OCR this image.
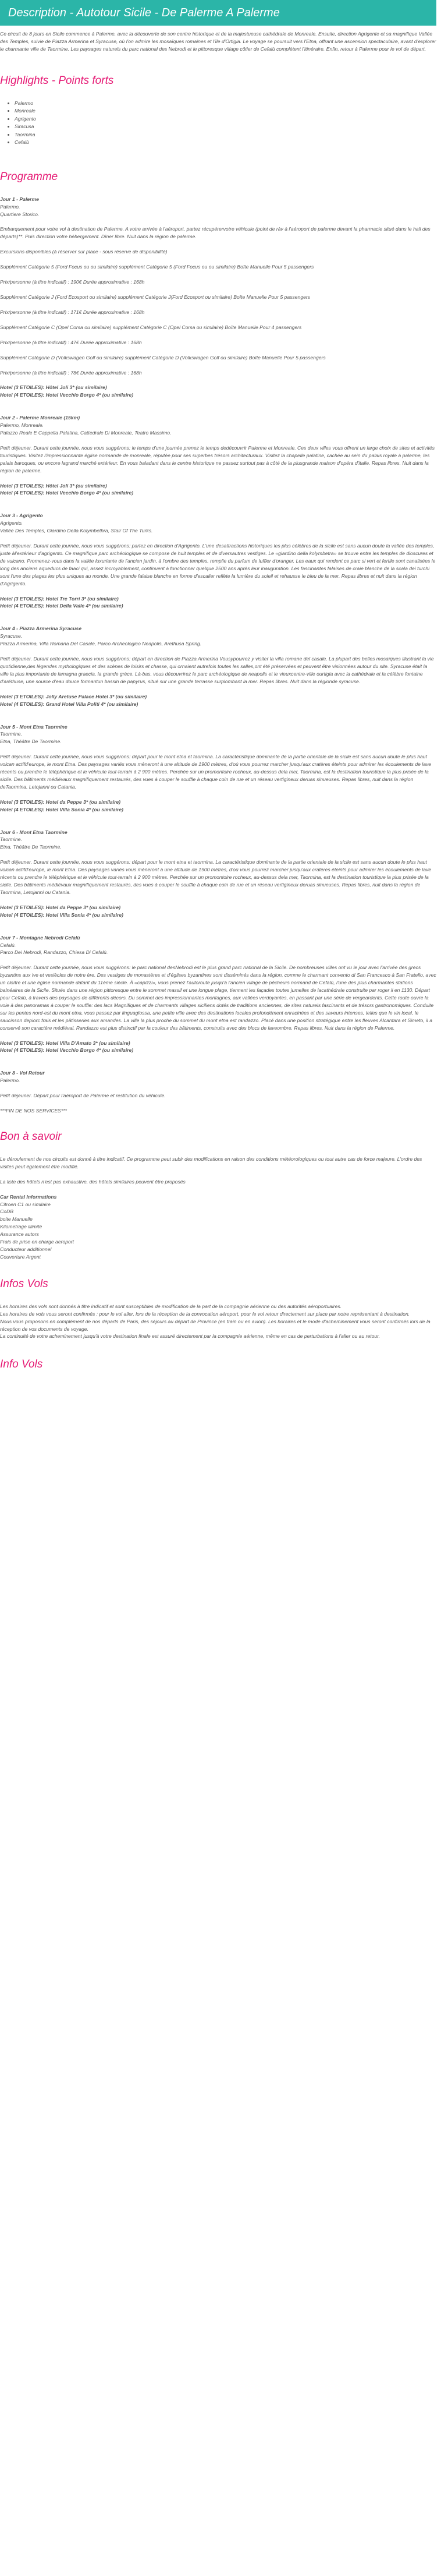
Description - Autotour Sicile - De Palerme A Palerme

Ce circuit de 8 jours en Sicile commence à Palerme, avec la découverte de son centre historique et de la majestueuse cathédrale de Monreale. Ensuite, direction Agrigente et sa magnifique Vallée des Temples, suivie de Piazza Armerina et Syracuse, où l'on admire les mosaïques romaines et l'île d'Ortigia. Le voyage se poursuit vers l'Etna, offrant une ascension spectaculaire, avant d'explorer le charmante ville de Taormine. Les paysages naturels du parc national des Nebrodi et le pittoresque village côtier de Cefalù complètent l'itinéraire. Enfin, retour à Palerme pour le vol de départ.

Highlights - Points forts
• Palermo
• Monreale
• Agrigento
• Siracusa
• Taormina
• Cefalù
Programme

Jour 1 - Palerme

Palermo.

Quartiere Storico.

Embarquement pour votre vol à destination de Palerme. A votre arrivée à l'aéroport, partez récupérervotre véhicule (point de ràv à l'aéroport de palerme devant la pharmacie situé dans le hall des départs)**. Puis direction votre hébergement. Dîner libre. Nuit dans la région de palerme.

Excursions disponibles (à réserver sur place - sous réserve de disponibilité)

Supplément Catégorie 5 (Ford Focus ou ou similaire) supplément Catégorie 5 (Ford Focus ou ou similaire) Boîte Manuelle Pour 5 passengers

Prix/personne (à titre indicatif) : 190€ Durée approximative : 168h

Supplément Catégorie J (Ford Ecosport ou similaire) supplément Catégorie J(Ford Ecosport ou similaire) Boîte Manuelle Pour 5 passengers

Prix/personne (à titre indicatif) : 171€ Durée approximative : 168h

Supplément Catégorie C (Opel Corsa ou similaire) supplément Catégorie C (Opel Corsa ou similaire) Boîte Manuelle Pour 4 passengers

Prix/personne (à titre indicatif) : 47€ Durée approximative : 168h

Supplément Catégorie D (Volkswagen Golf ou similaire) supplément Catégorie D (Volkswagen Golf ou similaire) Boîte Manuelle Pour 5 passengers

Prix/personne (à titre indicatif) : 78€ Durée approximative : 168h

Hotel (3 ETOILES): Hôtel Joli 3* (ou similaire)

Hotel (4 ETOILES): Hotel Vecchio Borgo 4* (ou similaire)

Jour 2 - Palerme Monreale (15km)

Palermo, Monreale.

Palazzo Reale E Cappella Palatina, Cattedrale Di Monreale, Teatro Massimo.

Petit déjeuner. Durant cette journée, nous vous suggérons: le temps d'une journée prenez le temps dedécouvrir Palerme et Monreale. Ces deux villes vous offrent un large choix de sites et activités touristiques. Visitez l'impressionnante église normande de monreale, réputée pour ses superbes trésors architecturaux. Visitez la chapelle palatine, cachée au sein du palais royale à palerme, les palais baroques, ou encore lagrand marché extérieur. En vous baladant dans le centre historique ne passez surtout pas à côté de la plusgrande maison d'opéra d'italie. Repas libres. Nuit dans la région de palerme.

Hotel (3 ETOILES): Hôtel Joli 3* (ou similaire)

Hotel (4 ETOILES): Hotel Vecchio Borgo 4* (ou similaire)

Jour 3 - Agrigento

Agrigento.

Vallée Des Temples, Giardino Della Kolymbethra, Stair Of The Turks.

Petit déjeuner. Durant cette journée, nous vous suggérons: partez en direction d'Agrigento. L'une desattractions historiques les plus célèbres de la sicile est sans aucun doute la vallée des temples, juste àl'extérieur d'agrigento. Ce magnifique parc archéologique se compose de huit temples et de diversautres vestiges. Le «giardino della kolymbetra» se trouve entre les temples de dioscures et de vulcano. Promenez-vous dans la vallée luxuriante de l'ancien jardin, à l'ombre des temples, remplie du parfum de luffier d'oranger. Les eaux qui rendent ce parc si vert et fertile sont canalisées le long des anciens aqueducs de faaci qui, assez incroyablement, continuent à fonctionner quelque 2500 ans après leur inauguration. Les fascinantes falaises de craie blanche de la scala dei turchi sont l'une des plages les plus uniques au monde. Une grande falaise blanche en forme d'escalier reflète la lumière du soleil et rehausse le bleu de la mer. Repas libres et nuit dans la région d'Agrigento.

Hotel (3 ETOILES): Hotel Tre Torri 3* (ou similaire)

Hotel (4 ETOILES): Hotel Della Valle 4* (ou similaire)

Jour 4 - Piazza Armerina Syracuse

Syracuse.

Piazza Armerina, Villa Romana Del Casale, Parco Archeologico Neapolis, Arethusa Spring.

Petit déjeuner. Durant cette journée, nous vous suggérons: départ en direction de Piazza Armerina Vousypourrez y visiter la villa romane del casale. La plupart des belles mosaïques illustrant la vie quotidienne,des légendes mythologiques et des scènes de loisirs et chasse, qui ornaient autrefois toutes les salles,ont été préservées et peuvent être visionnées autour du site. Syracuse était la ville la plus importante de lamagna graecia, la grande grèce. Là-bas, vous découvrirez le parc archéologique de neapolis et le vieuxcentre-ville ourtigia avec la cathédrale et la célèbre fontaine d'aréthuse, une source d'eau douce formantun bassin de papyrus, situé sur une grande terrasse surplombant la mer. Repas libres. Nuit dans la régionde syracuse.

Hotel (3 ETOILES): Jolly Aretuse Palace Hotel 3* (ou similaire)

Hotel (4 ETOILES): Grand Hotel Villa Politi 4* (ou similaire)

Jour 5 - Mont Etna Taormine

Taormine.

Etna, Théâtre De Taormine.

Petit déjeuner. Durant cette journée, nous vous suggérons: départ pour le mont etna et taormina. La caractéristique dominante de la partie orientale de la sicile est sans aucun doute le plus haut volcan actifd'europe, le mont Etna. Des paysages variés vous mèneront à une altitude de 1900 mètres, d'où vous pourrez marcher jusqu'aux cratères éteints pour admirer les écoulements de lave récents ou prendre le téléphérique et le véhicule tout-terrain à 2 900 mètres. Perchée sur un promontoire rocheux, au-dessus dela mer, Taormina, est la destination touristique la plus prisée de la sicile. Des bâtiments médiévaux magnifiquement restaurés, des vues à couper le souffle à chaque coin de rue et un réseau vertigineux deruas sinueuses. Repas libres, nuit dans la région deTaormina, Letojanni ou Catania.

Hotel (3 ETOILES): Hotel da Peppe 3* (ou similaire)

Hotel (4 ETOILES): Hotel Villa Sonia 4* (ou similaire)

Jour 6 - Mont Etna Taormine

Taormine.

Etna, Théâtre De Taormine.

Petit déjeuner. Durant cette journée, nous vous suggérons: départ pour le mont etna et taormina. La caractéristique dominante de la partie orientale de la sicile est sans aucun doute le plus haut volcan actifd'europe, le mont Etna. Des paysages variés vous mèneront à une altitude de 1900 mètres, d'où vous pourrez marcher jusqu'aux cratères éteints pour admirer les écoulements de lave récents ou prendre le téléphérique et le véhicule tout-terrain à 2 900 mètres. Perchée sur un promontoire rocheux, au-dessus dela mer, Taormina, est la destination touristique la plus prisée de la sicile. Des bâtiments médiévaux magnifiquement restaurés, des vues à couper le souffle à chaque coin de rue et un réseau vertigineux deruas sinueuses. Repas libres, nuit dans la région de Taormina, Letojanni ou Catania.

Hotel (3 ETOILES): Hotel da Peppe 3* (ou similaire)

Hotel (4 ETOILES): Hotel Villa Sonia 4* (ou similaire)

Jour 7 - Montagne Nebrodi Cefalù

Cefalù.

Parco Dei Nebrodi, Randazzo, Chiesa Di Cefalù.

Petit déjeuner. Durant cette journée, nous vous suggérons: le parc national desNebrodi est le plus grand parc national de la Sicile. De nombreuses villes ont vu le jour avec l'arrivée des grecs byzantins aux ive et vesiècles de notre ère. Des vestiges de monastères et d'églises byzantines sont disséminés dans la région, comme le charmant convento di San Francesco à San Fratello, avec un cloître et une église normande datant du 11ème siècle. À «capizzi», vous prenez l'autoroute jusqu'à l'ancien village de pêcheurs normand de Cefalù, l'une des plus charmantes stations balnéaires de la Sicile. Situés dans une région pittoresque entre le sommet massif et une longue plage, tiennent les façades toutes jumelles de lacathédrale construite par roger ii en 1130. Départ pour Cefalù, à travers des paysages de différents décors. Du sommet des impressionnantes montagnes, aux vallées verdoyantes, en passant par une série de vergeardents. Cette route ouvre la voie à des panoramas à couper le souffle: des lacs Magnifiques et de charmants villages siciliens dotés de traditions anciennes, de sites naturels fascinants et de trésors gastronomiques. Conduite sur les pentes nord-est du mont etna, vous passez par linguaglossa, une petite ville avec des destinations locales profondément enracinées et des saveurs intenses, telles que le vin local, le saucisson depiorc frais et les pâtisseries aux amandes. La ville la plus proche du sommet du mont etna est randazzo. Placé dans une position stratégique entre les fleuves Alcantara et Simeto, il a conservé son caractère médiéval. Randazzo est plus distinctif par la couleur des bâtiments, construits avec des blocs de laveombre. Repas libres. Nuit dans la région de Palerme.

Hotel (3 ETOILES): Hotel Villa D'Amato 3* (ou similaire)

Hotel (4 ETOILES): Hotel Vecchio Borgo 4* (ou similaire)

Jour 8 - Vol Retour

Palermo.

Petit déjeuner. Départ pour l'aéroport de Palerme et restitution du véhicule.

***FIN DE NOS SERVICES***

Bon à savoir

Le déroulement de nos circuits est donné à titre indicatif. Ce programme peut subir des modifications en raison des conditions météorologiques ou tout autre cas de force majeure. L'ordre des visites peut également être modifié.

La liste des hôtels n'est pas exhaustive, des hôtels similaires peuvent être proposés

Car Rental Informations

Citroen C1 ou similaire

CoDB

boite Manuelle

Kilometrage illimité

Assurance autors

Frais de prise en charge aeroport

Conducteur additionnel

Couverture Argent

Infos Vols

Les horaires des vols sont donnés à titre indicatif et sont susceptibles de modification de la part de la compagnie aérienne ou des autorités aéroportuaires.

Les horaires de vols vous seront confirmés : pour le vol aller, lors de la réception de la convocation aéroport, pour le vol retour directement sur place par notre représentant à destination.

Nous vous proposons en complément de nos départs de Paris, des séjours au départ de Province (en train ou en avion). Les horaires et le mode d'acheminement vous seront confirmés lors de la réception de vos documents de voyage.

La continuité de votre acheminement jusqu'à votre destination finale est assuré directement par la compagnie aérienne, même en cas de perturbations à l'aller ou au retour.

Info Vols
